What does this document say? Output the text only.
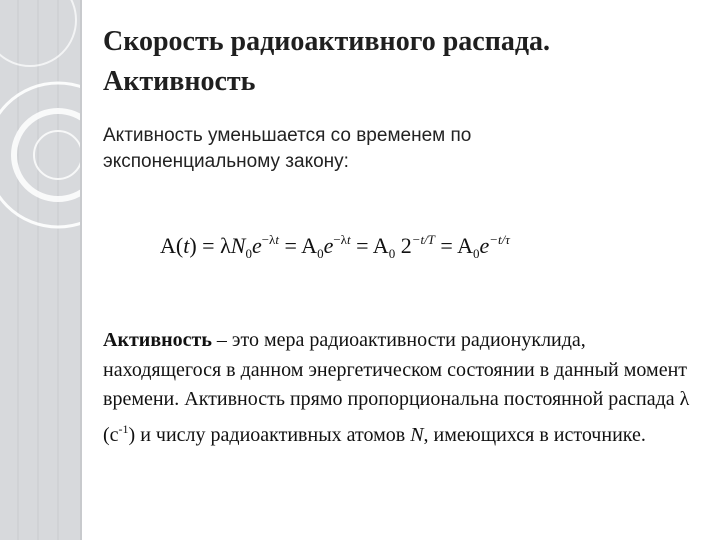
Скорость радиоактивного распада.
Активность
Активность уменьшается со временем по
экспоненциальному закону:
$A(t) = \lambda N_0e^{-\lambda t} = A_0e^{-\lambda t} = A_0$ $2^{-t/T} = A_0e^{-t/\tau}$
Активность – это мера радиоактивности радионуклида, находящегося в данном энергетическом состоянии в данный момент времени. Активность прямо пропорциональна постоянной распада λ $(с^{-1})$ и числу радиоактивных атомов N, имеющихся в источнике.
